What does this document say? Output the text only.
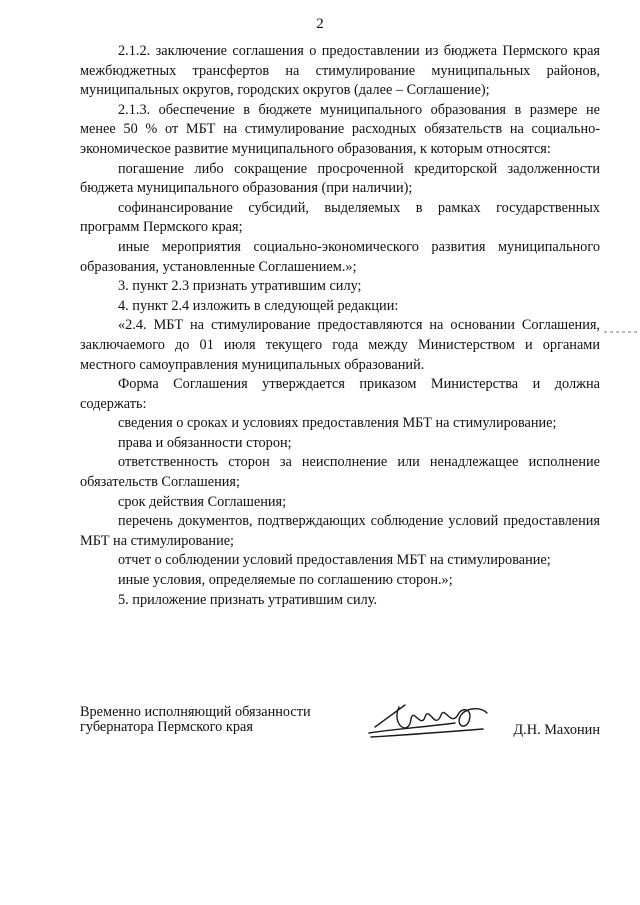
2

2.1.2. заключение соглашения о предоставлении из бюджета Пермского края межбюджетных трансфертов на стимулирование муниципальных районов, муниципальных округов, городских округов (далее – Соглашение);

2.1.3. обеспечение в бюджете муниципального образования в размере не менее 50 % от МБТ на стимулирование расходных обязательств на социально-экономическое развитие муниципального образования, к которым относятся:

погашение либо сокращение просроченной кредиторской задолженности бюджета муниципального образования (при наличии);

софинансирование субсидий, выделяемых в рамках государственных программ Пермского края;

иные мероприятия социально-экономического развития муниципального образования, установленные Соглашением.»;

3. пункт 2.3 признать утратившим силу;

4. пункт 2.4 изложить в следующей редакции:

«2.4. МБТ на стимулирование предоставляются на основании Соглашения, заключаемого до 01 июля текущего года между Министерством и органами местного самоуправления муниципальных образований.

Форма Соглашения утверждается приказом Министерства и должна содержать:

сведения о сроках и условиях предоставления МБТ на стимулирование;

права и обязанности сторон;

ответственность сторон за неисполнение или ненадлежащее исполнение обязательств Соглашения;

срок действия Соглашения;

перечень документов, подтверждающих соблюдение условий предоставления МБТ на стимулирование;

отчет о соблюдении условий предоставления МБТ на стимулирование;

иные условия, определяемые по соглашению сторон.»;

5. приложение признать утратившим силу.

Временно исполняющий обязанности
губернатора Пермского края	Д.Н. Махонин
